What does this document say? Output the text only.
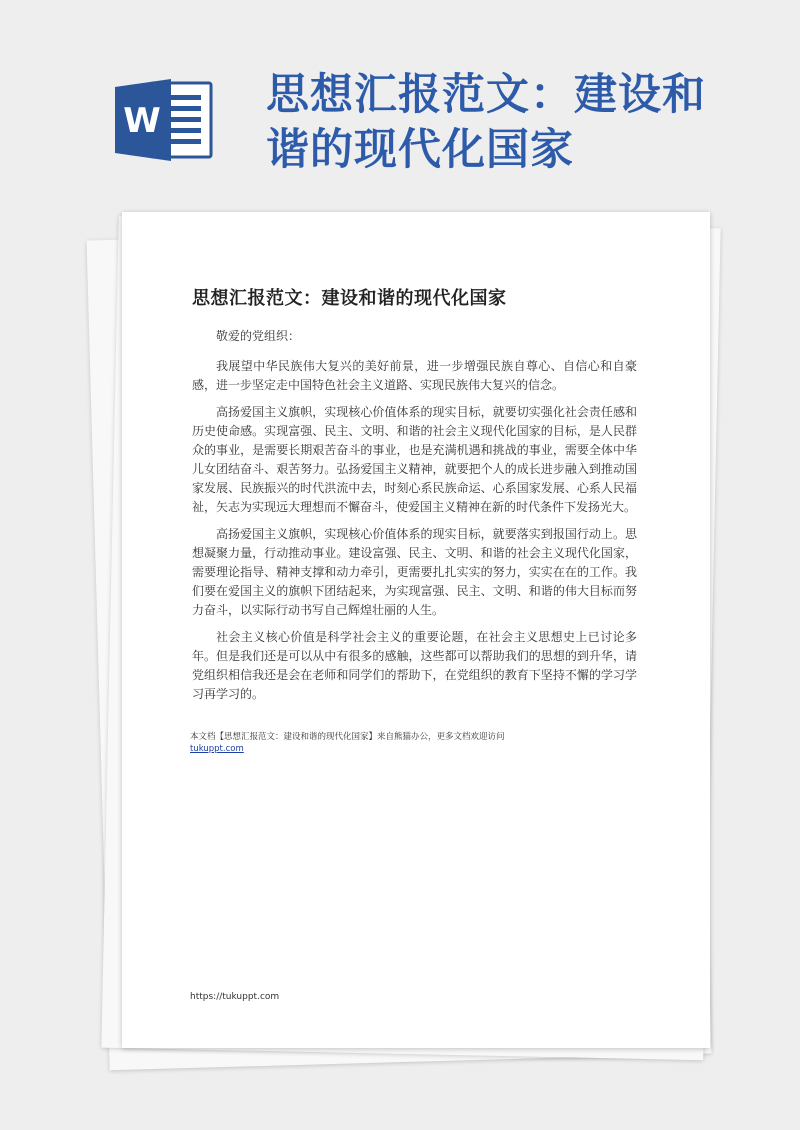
W
思想汇报范文：建设和
谐的现代化国家
思想汇报范文：建设和谐的现代化国家

敬爱的党组织：

我展望中华民族伟大复兴的美好前景，进一步增强民族自尊心、自信心和自豪感，进一步坚定走中国特色社会主义道路、实现民族伟大复兴的信念。

高扬爱国主义旗帜，实现核心价值体系的现实目标，就要切实强化社会责任感和历史使命感。实现富强、民主、文明、和谐的社会主义现代化国家的目标，是人民群众的事业，是需要长期艰苦奋斗的事业，也是充满机遇和挑战的事业，需要全体中华儿女团结奋斗、艰苦努力。弘扬爱国主义精神，就要把个人的成长进步融入到推动国家发展、民族振兴的时代洪流中去，时刻心系民族命运、心系国家发展、心系人民福祉，矢志为实现远大理想而不懈奋斗，使爱国主义精神在新的时代条件下发扬光大。

高扬爱国主义旗帜，实现核心价值体系的现实目标，就要落实到报国行动上。思想凝聚力量，行动推动事业。建设富强、民主、文明、和谐的社会主义现代化国家，需要理论指导、精神支撑和动力牵引，更需要扎扎实实的努力，实实在在的工作。我们要在爱国主义的旗帜下团结起来，为实现富强、民主、文明、和谐的伟大目标而努力奋斗，以实际行动书写自己辉煌壮丽的人生。

社会主义核心价值是科学社会主义的重要论题，在社会主义思想史上已讨论多年。但是我们还是可以从中有很多的感触，这些都可以帮助我们的思想的到升华，请党组织相信我还是会在老师和同学们的帮助下，在党组织的教育下坚持不懈的学习学习再学习的。

本文档【思想汇报范文：建设和谐的现代化国家】来自熊猫办公，更多文档欢迎访问
tukuppt.com
https://tukuppt.com
